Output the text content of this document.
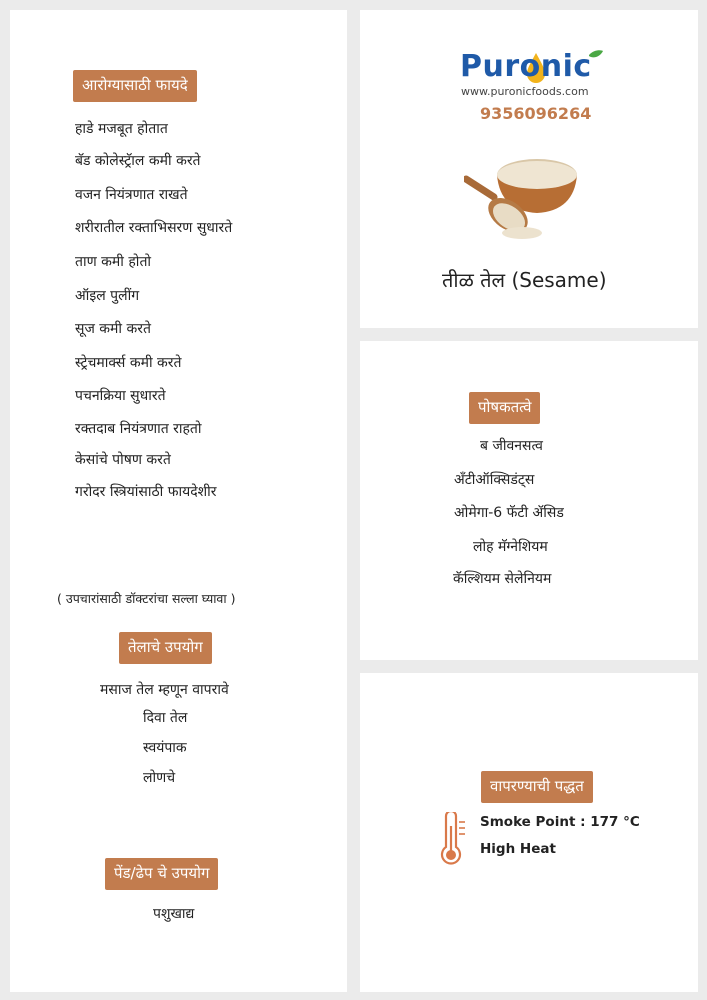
आरोग्यासाठी फायदे
हाडे मजबूत होतात
बॅड कोलेस्ट्रॅाल कमी करते
वजन नियंत्रणात राखते
शरीरातील रक्ताभिसरण सुधारते
ताण कमी होतो
ऑइल पुलींग
सूज कमी करते
स्ट्रेचमार्क्स कमी करते
पचनक्रिया सुधारते
रक्तदाब नियंत्रणात राहतो
केसांचे पोषण करते
गरोदर स्त्रियांसाठी फायदेशीर
( उपचारांसाठी डॉक्टरांचा सल्ला घ्यावा )
तेलाचे उपयोग
मसाज तेल म्हणून वापरावे
दिवा तेल
स्वयंपाक
लोणचे
पेंड/ढेप चे उपयोग
पशुखाद्य
Puronic
www.puronicfoods.com
9356096264
तीळ तेल (Sesame)
पोषकतत्वे
ब जीवनसत्व
अँटीऑक्सिडंट्स
ओमेगा-6 फॅटी ॲसिड
लोह मॅग्नेशियम
कॅल्शियम सेलेनियम
वापरण्याची पद्धत
Smoke Point : 177 °C
High Heat
